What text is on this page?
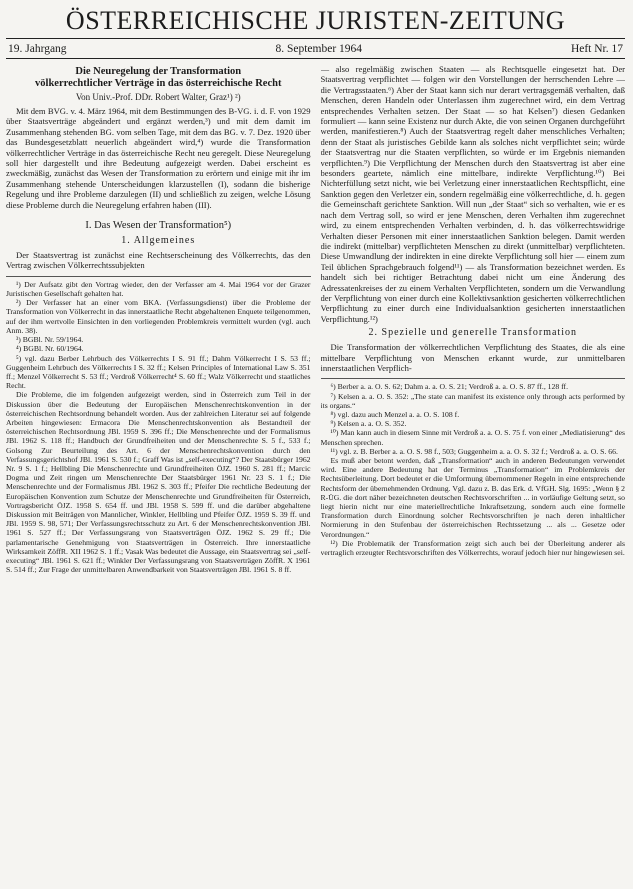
ÖSTERREICHISCHE JURISTEN-ZEITUNG
19. Jahrgang	8. September 1964	Heft Nr. 17
Die Neuregelung der Transformation
völkerrechtlicher Verträge in das österreichische Recht
Von Univ.-Prof. DDr. Robert Walter, Graz¹) ²)

Mit dem BVG. v. 4. März 1964, mit dem Bestimmungen des B-VG. i. d. F. von 1929 über Staatsverträge abgeändert und ergänzt werden,³) und mit dem damit im Zusammenhang stehenden BG. vom selben Tage, mit dem das BG. v. 7. Dez. 1920 über das Bundesgesetzblatt neuerlich abgeändert wird,⁴) wurde die Transformation völkerrechtlicher Verträge in das österreichische Recht neu geregelt. Diese Neuregelung soll hier dargestellt und ihre Bedeutung aufgezeigt werden. Dabei erscheint es zweckmäßig, zunächst das Wesen der Transformation zu erörtern und einige mit ihr im Zusammenhang stehende Unterscheidungen klarzustellen (I), sodann die bisherige Regelung und ihre Probleme darzulegen (II) und schließlich zu zeigen, welche Lösung diese Probleme durch die Neuregelung erfahren haben (III).

I. Das Wesen der Transformation⁵)
1. Allgemeines

Der Staatsvertrag ist zunächst eine Rechtserscheinung des Völkerrechts, das den Vertrag zwischen Völkerrechtssubjekten

¹) Der Aufsatz gibt den Vortrag wieder, den der Verfasser am 4. Mai 1964 vor der Grazer Juristischen Gesellschaft gehalten hat.

²) Der Verfasser hat an einer vom BKA. (Verfassungsdienst) über die Probleme der Transformation von Völkerrecht in das innerstaatliche Recht abgehaltenen Enquete teilgenommen, auf der ihm wertvolle Einsichten in den vorliegenden Problemkreis vermittelt wurden (vgl. auch Anm. 38).

³) BGBl. Nr. 59/1964.

⁴) BGBl. Nr. 60/1964.

⁵) vgl. dazu Berber Lehrbuch des Völkerrechts I S. 91 ff.; Dahm Völkerrecht I S. 53 ff.; Guggenheim Lehrbuch des Völkerrechts I S. 32 ff.; Kelsen Principles of International Law S. 351 ff.; Menzel Völkerrecht S. 53 ff.; Verdroß Völkerrecht⁴ S. 60 ff.; Walz Völkerrecht und staatliches Recht.

Die Probleme, die im folgenden aufgezeigt werden, sind in Österreich zum Teil in der Diskussion über die Bedeutung der Europäischen Menschenrechtskonvention in der österreichischen Rechtsordnung behandelt worden. Aus der zahlreichen Literatur sei auf folgende Arbeiten hingewiesen: Ermacora Die Menschenrechtskonvention als Bestandteil der österreichischen Rechtsordnung JBl. 1959 S. 396 ff.; Die Menschenrechte und der Formalismus JBl. 1962 S. 118 ff.; Handbuch der Grundfreiheiten und der Menschenrechte S. 5 f., 533 f.; Golsong Zur Beurteilung des Art. 6 der Menschenrechtskonvention durch den Verfassungsgerichtshof JBl. 1961 S. 530 f.; Graff Was ist „self-executing“? Der Staatsbürger 1962 Nr. 9 S. 1 f.; Hellbling Die Menschenrechte und Grundfreiheiten ÖJZ. 1960 S. 281 ff.; Marcic Dogma und Zeit ringen um Menschenrechte Der Staatsbürger 1961 Nr. 23 S. 1 f.; Die Menschenrechte und der Formalismus JBl. 1962 S. 303 ff.; Pfeifer Die rechtliche Bedeutung der Europäischen Konvention zum Schutze der Menschenrechte und Grundfreiheiten für Österreich, Vortragsbericht ÖJZ. 1958 S. 654 ff. und JBl. 1958 S. 599 ff. und die darüber abgehaltene Diskussion mit Beiträgen von Mannlicher, Winkler, Hellbling und Pfeifer ÖJZ. 1959 S. 39 ff. und JBl. 1959 S. 98, 571; Der Verfassungsrechtsschutz zu Art. 6 der Menschenrechtskonvention JBl. 1961 S. 527 ff.; Der Verfassungsrang von Staatsverträgen ÖJZ. 1962 S. 29 ff.; Die parlamentarische Genehmigung von Staatsverträgen in Österreich. Ihre innerstaatliche Wirksamkeit ZöffR. XII 1962 S. 1 ff.; Vasak Was bedeutet die Aussage, ein Staatsvertrag sei „self-executing“ JBl. 1961 S. 621 ff.; Winkler Der Verfassungsrang von Staatsverträgen ZöffR. X 1961 S. 514 ff.; Zur Frage der unmittelbaren Anwendbarkeit von Staatsverträgen JBl. 1961 S. 8 ff.

— also regelmäßig zwischen Staaten — als Rechtsquelle eingesetzt hat. Der Staatsvertrag verpflichtet — folgen wir den Vorstellungen der herrschenden Lehre — die Vertragsstaaten.⁶) Aber der Staat kann sich nur derart vertragsgemäß verhalten, daß Menschen, deren Handeln oder Unterlassen ihm zugerechnet wird, ein dem Vertrag entsprechendes Verhalten setzen. Der Staat — so hat Kelsen⁷) diesen Gedanken formuliert — kann seine Existenz nur durch Akte, die von seinen Organen durchgeführt werden, manifestieren.⁸) Auch der Staatsvertrag regelt daher menschliches Verhalten; denn der Staat als juristisches Gebilde kann als solches nicht verpflichtet sein; würde der Staatsvertrag nur die Staaten verpflichten, so würde er im Ergebnis niemanden verpflichten.⁹) Die Verpflichtung der Menschen durch den Staatsvertrag ist aber eine besonders geartete, nämlich eine mittelbare, indirekte Verpflichtung.¹⁰) Bei Nichterfüllung setzt nicht, wie bei Verletzung einer innerstaatlichen Rechtspflicht, eine Sanktion gegen den Verletzer ein, sondern regelmäßig eine völkerrechtliche, d. h. gegen die Gemeinschaft gerichtete Sanktion. Will nun „der Staat“ sich so verhalten, wie er es nach dem Vertrag soll, so wird er jene Menschen, deren Verhalten ihm zugerechnet wird, zu einem entsprechenden Verhalten verbinden, d. h. das völkerrechtswidrige Verhalten dieser Personen mit einer innerstaatlichen Sanktion belegen. Damit werden die indirekt (mittelbar) verpflichteten Menschen zu direkt (unmittelbar) verpflichteten. Diese Umwandlung der indirekten in eine direkte Verpflichtung soll hier — einem zum Teil üblichen Sprachgebrauch folgend¹¹) — als Transformation bezeichnet werden. Es handelt sich bei richtiger Betrachtung dabei nicht um eine Änderung des Adressatenkreises der zu einem Verhalten Verpflichteten, sondern um die Verwandlung der Verpflichtung von einer durch eine Kollektivsanktion gesicherten völkerrechtlichen Verpflichtung zu einer durch eine Individualsanktion gesicherten innerstaatlichen Verpflichtung.¹²)

2. Spezielle und generelle Transformation

Die Transformation der völkerrechtlichen Verpflichtung des Staates, die als eine mittelbare Verpflichtung von Menschen erkannt wurde, zur unmittelbaren innerstaatlichen Verpflich-

⁶) Berber a. a. O. S. 62; Dahm a. a. O. S. 21; Verdroß a. a. O. S. 87 ff., 128 ff.

⁷) Kelsen a. a. O. S. 352: „The state can manifest its existence only through acts performed by its organs.“

⁸) vgl. dazu auch Menzel a. a. O. S. 108 f.

⁹) Kelsen a. a. O. S. 352.

¹⁰) Man kann auch in diesem Sinne mit Verdroß a. a. O. S. 75 f. von einer „Mediatisierung“ des Menschen sprechen.

¹¹) vgl. z. B. Berber a. a. O. S. 98 f., 503; Guggenheim a. a. O. S. 32 f.; Verdroß a. a. O. S. 66.

Es muß aber betont werden, daß „Transformation“ auch in anderen Bedeutungen verwendet wird. Eine andere Bedeutung hat der Terminus „Transformation“ im Problemkreis der Rechtsüberleitung. Dort bedeutet er die Umformung übernommener Regeln in eine entsprechende Rechtsform der übernehmenden Ordnung. Vgl. dazu z. B. das Erk. d. VfGH. Slg. 1695: „Wenn § 2 R-ÜG. die dort näher bezeichneten deutschen Rechtsvorschriften ... in vorläufige Geltung setzt, so liegt hierin nicht nur eine materiellrechtliche Inkraftsetzung, sondern auch eine formelle Transformation durch Einordnung solcher Rechtsvorschriften je nach deren inhaltlicher Normierung in den Stufenbau der österreichischen Rechtssetzung ... als ... Gesetze oder Verordnungen.“

¹²) Die Problematik der Transformation zeigt sich auch bei der Überleitung anderer als vertraglich erzeugter Rechtsvorschriften des Völkerrechts, worauf jedoch hier nur hingewiesen sei.
